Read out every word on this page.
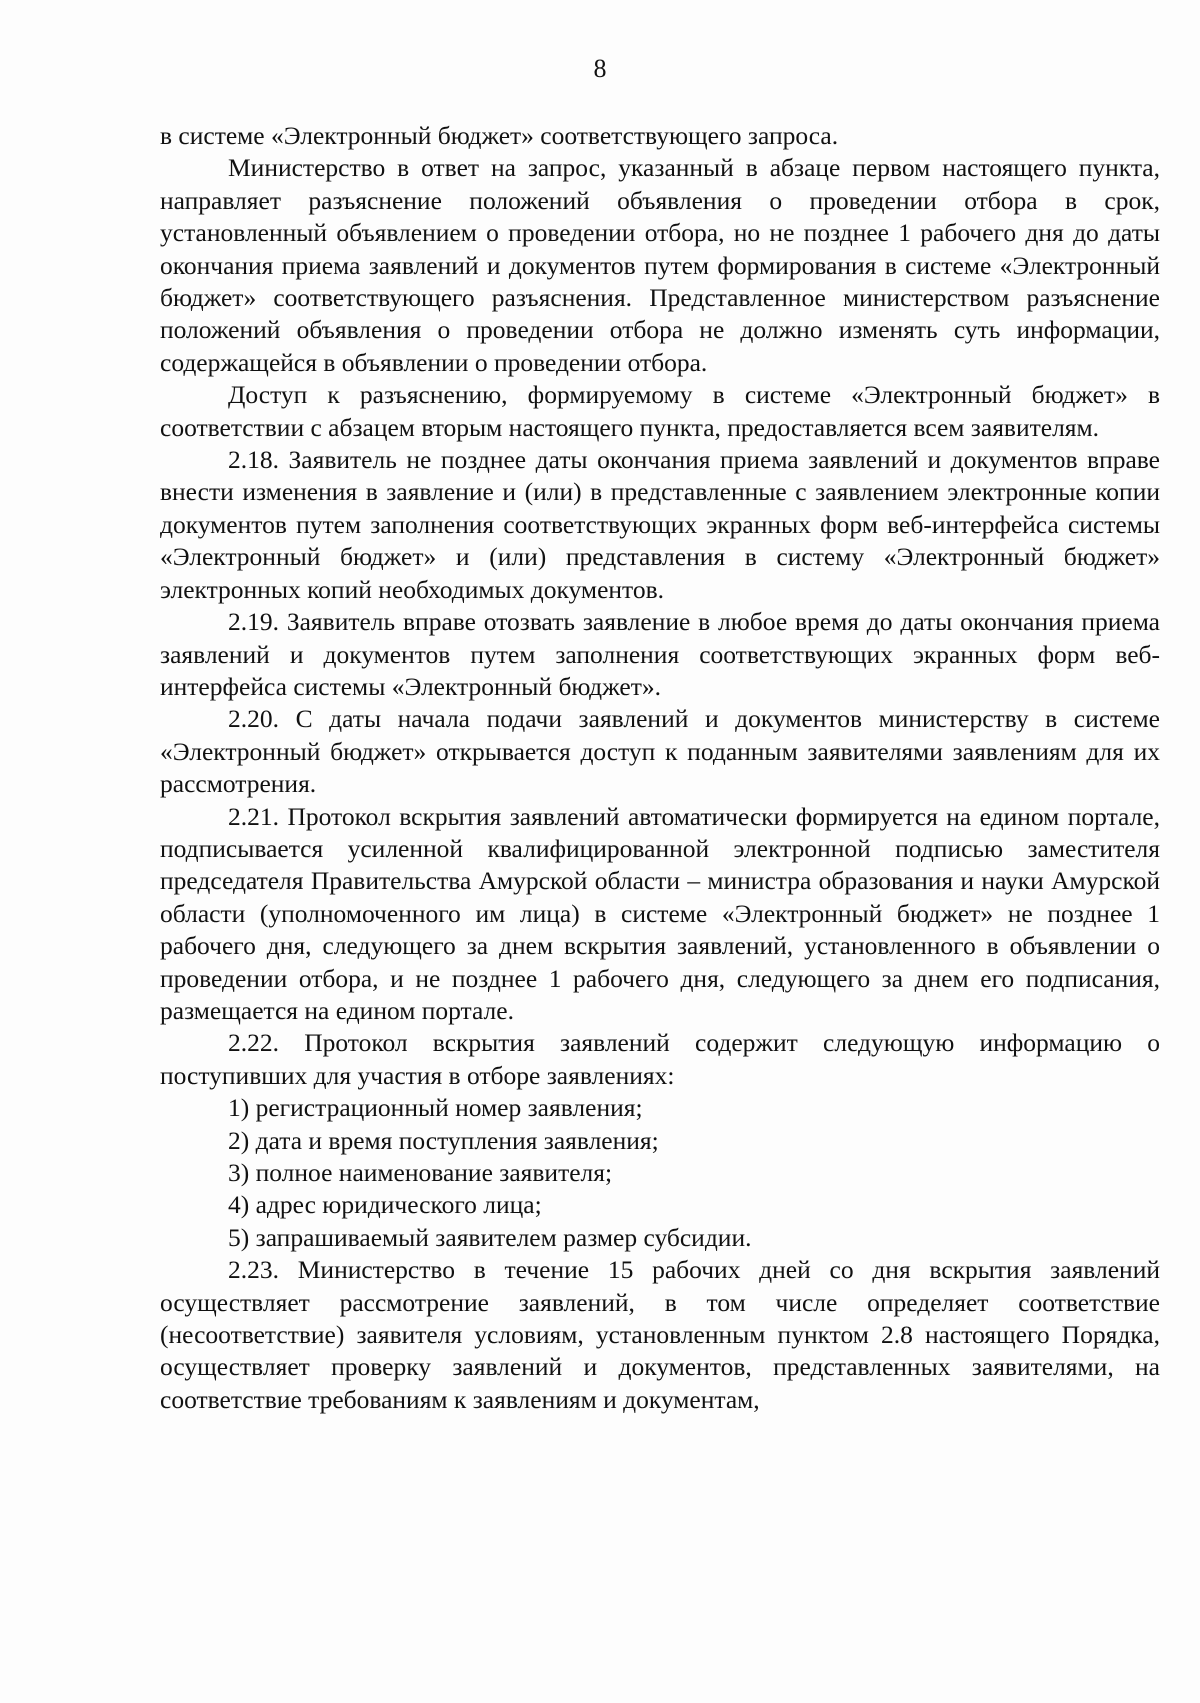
8

в системе «Электронный бюджет» соответствующего запроса.

Министерство в ответ на запрос, указанный в абзаце первом настоящего пункта, направляет разъяснение положений объявления о проведении отбора в срок, установленный объявлением о проведении отбора, но не позднее 1 рабочего дня до даты окончания приема заявлений и документов путем формирования в системе «Электронный бюджет» соответствующего разъяснения. Представленное министерством разъяснение положений объявления о проведении отбора не должно изменять суть информации, содержащейся в объявлении о проведении отбора.

Доступ к разъяснению, формируемому в системе «Электронный бюджет» в соответствии с абзацем вторым настоящего пункта, предоставляется всем заявителям.

2.18. Заявитель не позднее даты окончания приема заявлений и документов вправе внести изменения в заявление и (или) в представленные с заявлением электронные копии документов путем заполнения соответствующих экранных форм веб-интерфейса системы «Электронный бюджет» и (или) представления в систему «Электронный бюджет» электронных копий необходимых документов.

2.19. Заявитель вправе отозвать заявление в любое время до даты окончания приема заявлений и документов путем заполнения соответствующих экранных форм веб-интерфейса системы «Электронный бюджет».

2.20. С даты начала подачи заявлений и документов министерству в системе «Электронный бюджет» открывается доступ к поданным заявителями заявлениям для их рассмотрения.

2.21. Протокол вскрытия заявлений автоматически формируется на едином портале, подписывается усиленной квалифицированной электронной подписью заместителя председателя Правительства Амурской области – министра образования и науки Амурской области (уполномоченного им лица) в системе «Электронный бюджет» не позднее 1 рабочего дня, следующего за днем вскрытия заявлений, установленного в объявлении о проведении отбора, и не позднее 1 рабочего дня, следующего за днем его подписания, размещается на едином портале.

2.22. Протокол вскрытия заявлений содержит следующую информацию о поступивших для участия в отборе заявлениях:

1) регистрационный номер заявления;

2) дата и время поступления заявления;

3) полное наименование заявителя;

4) адрес юридического лица;

5) запрашиваемый заявителем размер субсидии.

2.23. Министерство в течение 15 рабочих дней со дня вскрытия заявлений осуществляет рассмотрение заявлений, в том числе определяет соответствие (несоответствие) заявителя условиям, установленным пунктом 2.8 настоящего Порядка, осуществляет проверку заявлений и документов, представленных заявителями, на соответствие требованиям к заявлениям и документам,
